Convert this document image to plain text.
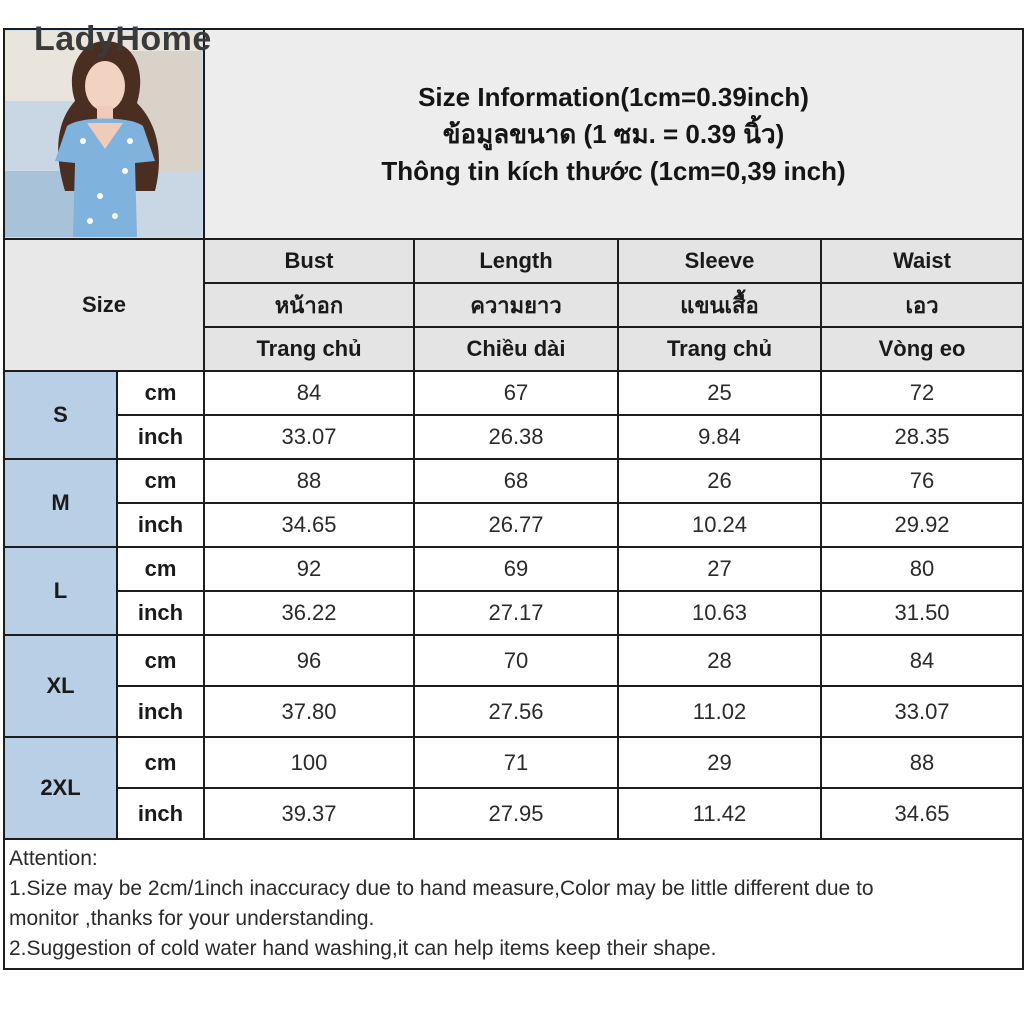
LadyHome

Size Information(1cm=0.39inch)
ข้อมูลขนาด (1 ซม. = 0.39 นิ้ว)
Thông tin kích thước (1cm=0,39 inch)			

Size		Bust	Length	Sleeve	Waist
		หน้าอก	ความยาว	แขนเสื้อ	เอว
		Trang chủ	Chiều dài	Trang chủ	Vòng eo
S	cm	84	67	25	72
	inch	33.07	26.38	9.84	28.35
M	cm	88	68	26	76
	inch	34.65	26.77	10.24	29.92
L	cm	92	69	27	80
	inch	36.22	27.17	10.63	31.50
XL	cm	96	70	28	84
	inch	37.80	27.56	11.02	33.07
2XL	cm	100	71	29	88
	inch	39.37	27.95	11.42	34.65

Attention:
1.Size may be 2cm/1inch inaccuracy due to hand measure,Color may be little different due to
monitor ,thanks for your understanding.
2.Suggestion of cold water hand washing,it can help items keep their shape.					
